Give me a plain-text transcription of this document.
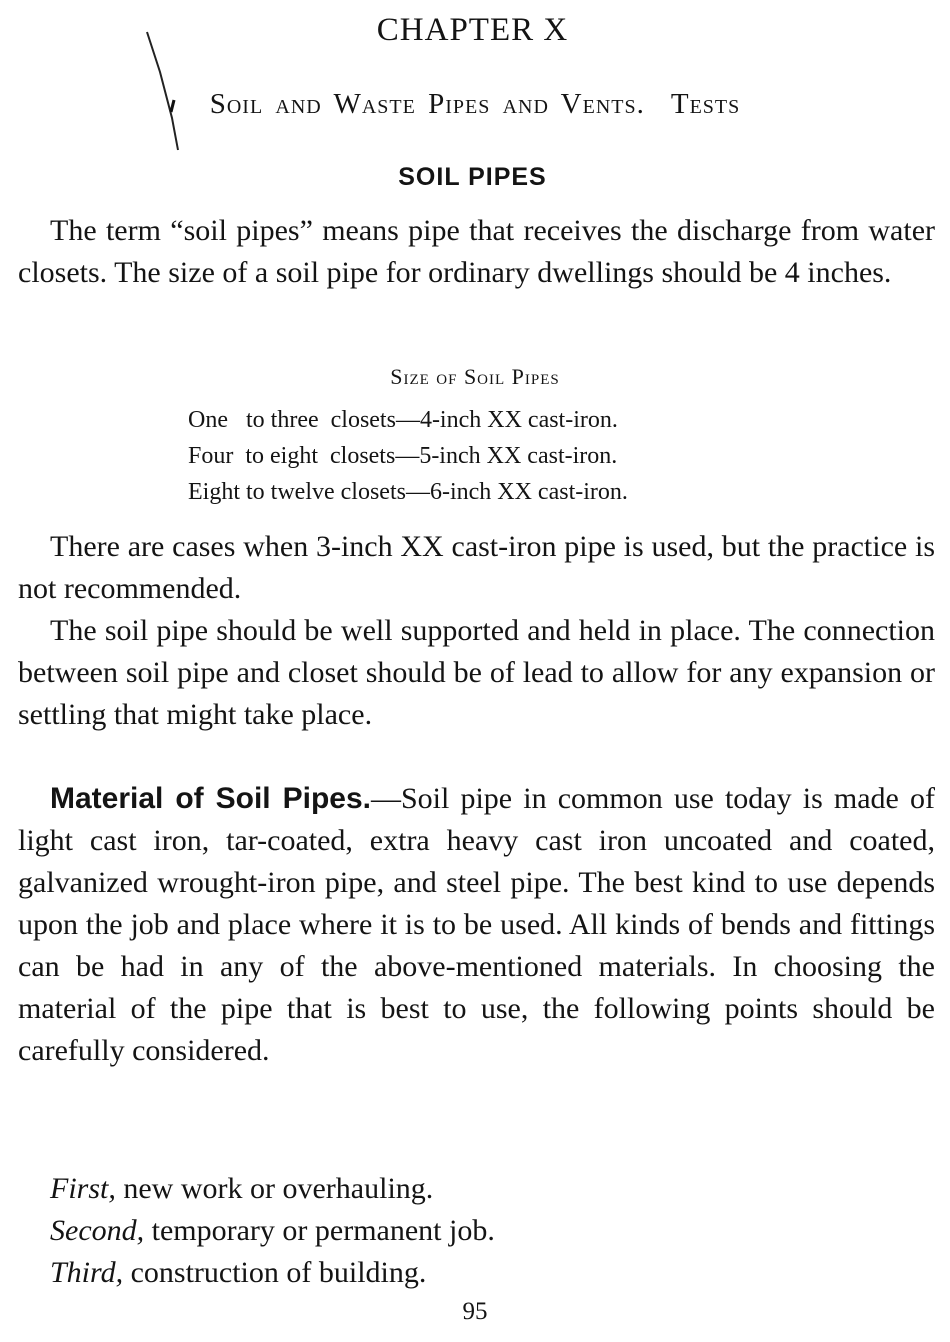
CHAPTER X
Soil and Waste Pipes and Vents. Tests
SOIL PIPES

The term “soil pipes” means pipe that receives the discharge from water closets. The size of a soil pipe for ordinary dwellings should be 4 inches.

Size of Soil Pipes
One   to three  closets—4-inch XX cast-iron.
Four  to eight  closets—5-inch XX cast-iron.
Eight to twelve closets—6-inch XX cast-iron.

There are cases when 3-inch XX cast-iron pipe is used, but the practice is not recommended.

The soil pipe should be well supported and held in place. The connection between soil pipe and closet should be of lead to allow for any expansion or settling that might take place.

Material of Soil Pipes.—Soil pipe in common use today is made of light cast iron, tar-coated, extra heavy cast iron uncoated and coated, galvanized wrought-iron pipe, and steel pipe. The best kind to use depends upon the job and place where it is to be used. All kinds of bends and fittings can be had in any of the above-mentioned materials. In choosing the material of the pipe that is best to use, the following points should be carefully considered.

First, new work or overhauling.
Second, temporary or permanent job.
Third, construction of building.
95
